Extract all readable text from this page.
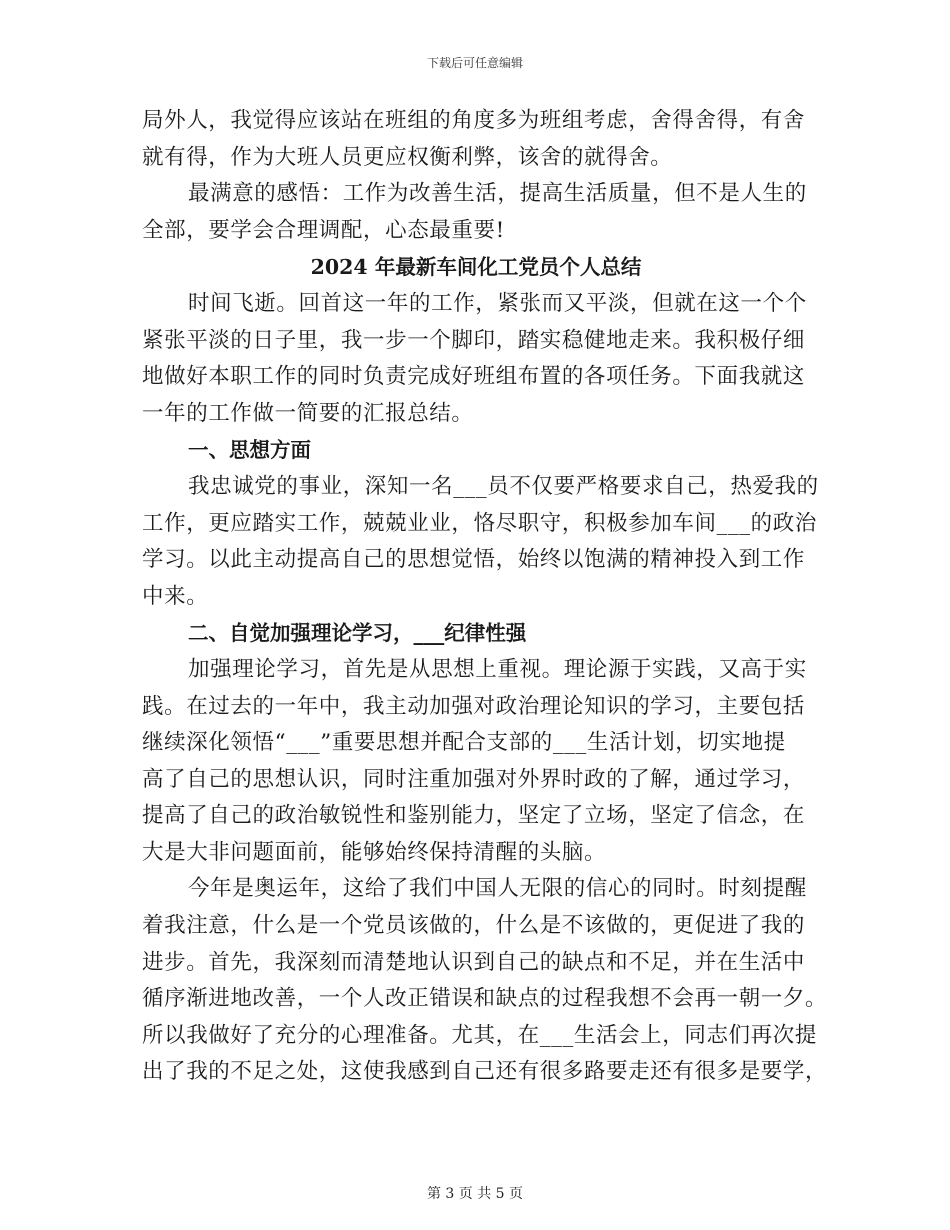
下载后可任意编辑
局外人，我觉得应该站在班组的角度多为班组考虑，舍得舍得，有舍
就有得，作为大班人员更应权衡利弊，该舍的就得舍。
最满意的感悟：工作为改善生活，提高生活质量，但不是人生的
全部，要学会合理调配，心态最重要!
2024 年最新车间化工党员个人总结
时间飞逝。回首这一年的工作，紧张而又平淡，但就在这一个个
紧张平淡的日子里，我一步一个脚印，踏实稳健地走来。我积极仔细
地做好本职工作的同时负责完成好班组布置的各项任务。下面我就这
一年的工作做一简要的汇报总结。
一、思想方面
我忠诚党的事业，深知一名___员不仅要严格要求自己，热爱我的
工作，更应踏实工作，兢兢业业，恪尽职守，积极参加车间___的政治
学习。以此主动提高自己的思想觉悟，始终以饱满的精神投入到工作
中来。
二、自觉加强理论学习，___纪律性强
加强理论学习，首先是从思想上重视。理论源于实践，又高于实
践。在过去的一年中，我主动加强对政治理论知识的学习，主要包括
继续深化领悟“___”重要思想并配合支部的___生活计划，切实地提
高了自己的思想认识，同时注重加强对外界时政的了解，通过学习，
提高了自己的政治敏锐性和鉴别能力，坚定了立场，坚定了信念，在
大是大非问题面前，能够始终保持清醒的头脑。
今年是奥运年，这给了我们中国人无限的信心的同时。时刻提醒
着我注意，什么是一个党员该做的，什么是不该做的，更促进了我的
进步。首先，我深刻而清楚地认识到自己的缺点和不足，并在生活中
循序渐进地改善，一个人改正错误和缺点的过程我想不会再一朝一夕。
所以我做好了充分的心理准备。尤其，在___生活会上，同志们再次提
出了我的不足之处，这使我感到自己还有很多路要走还有很多是要学，
第 3 页 共 5 页
